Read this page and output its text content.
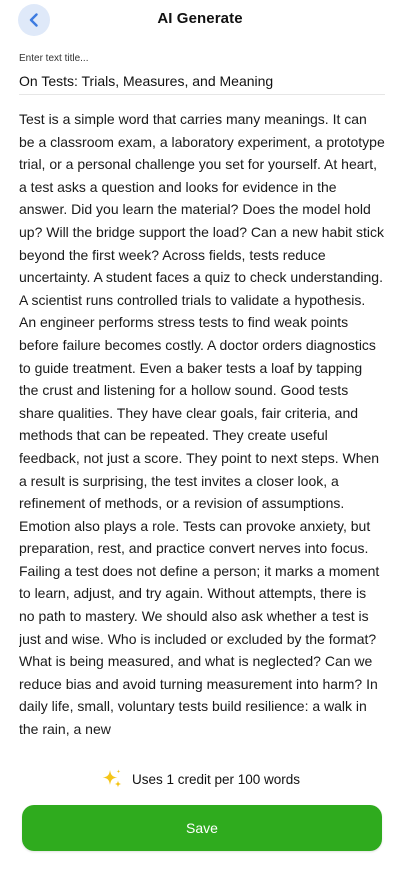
AI Generate
Enter text title...
On Tests: Trials, Measures, and Meaning

Test is a simple word that carries many meanings. It can be a classroom exam, a laboratory experiment, a prototype trial, or a personal challenge you set for yourself. At heart, a test asks a question and looks for evidence in the answer. Did you learn the material? Does the model hold up? Will the bridge support the load? Can a new habit stick beyond the first week? Across fields, tests reduce uncertainty. A student faces a quiz to check understanding. A scientist runs controlled trials to validate a hypothesis. An engineer performs stress tests to find weak points before failure becomes costly. A doctor orders diagnostics to guide treatment. Even a baker tests a loaf by tapping the crust and listening for a hollow sound. Good tests share qualities. They have clear goals, fair criteria, and methods that can be repeated. They create useful feedback, not just a score. They point to next steps. When a result is surprising, the test invites a closer look, a refinement of methods, or a revision of assumptions. Emotion also plays a role. Tests can provoke anxiety, but preparation, rest, and practice convert nerves into focus. Failing a test does not define a person; it marks a moment to learn, adjust, and try again. Without attempts, there is no path to mastery. We should also ask whether a test is just and wise. Who is included or excluded by the format? What is being measured, and what is neglected? Can we reduce bias and avoid turning measurement into harm? In daily life, small, voluntary tests build resilience: a walk in the rain, a new

Uses 1 credit per 100 words
Save
